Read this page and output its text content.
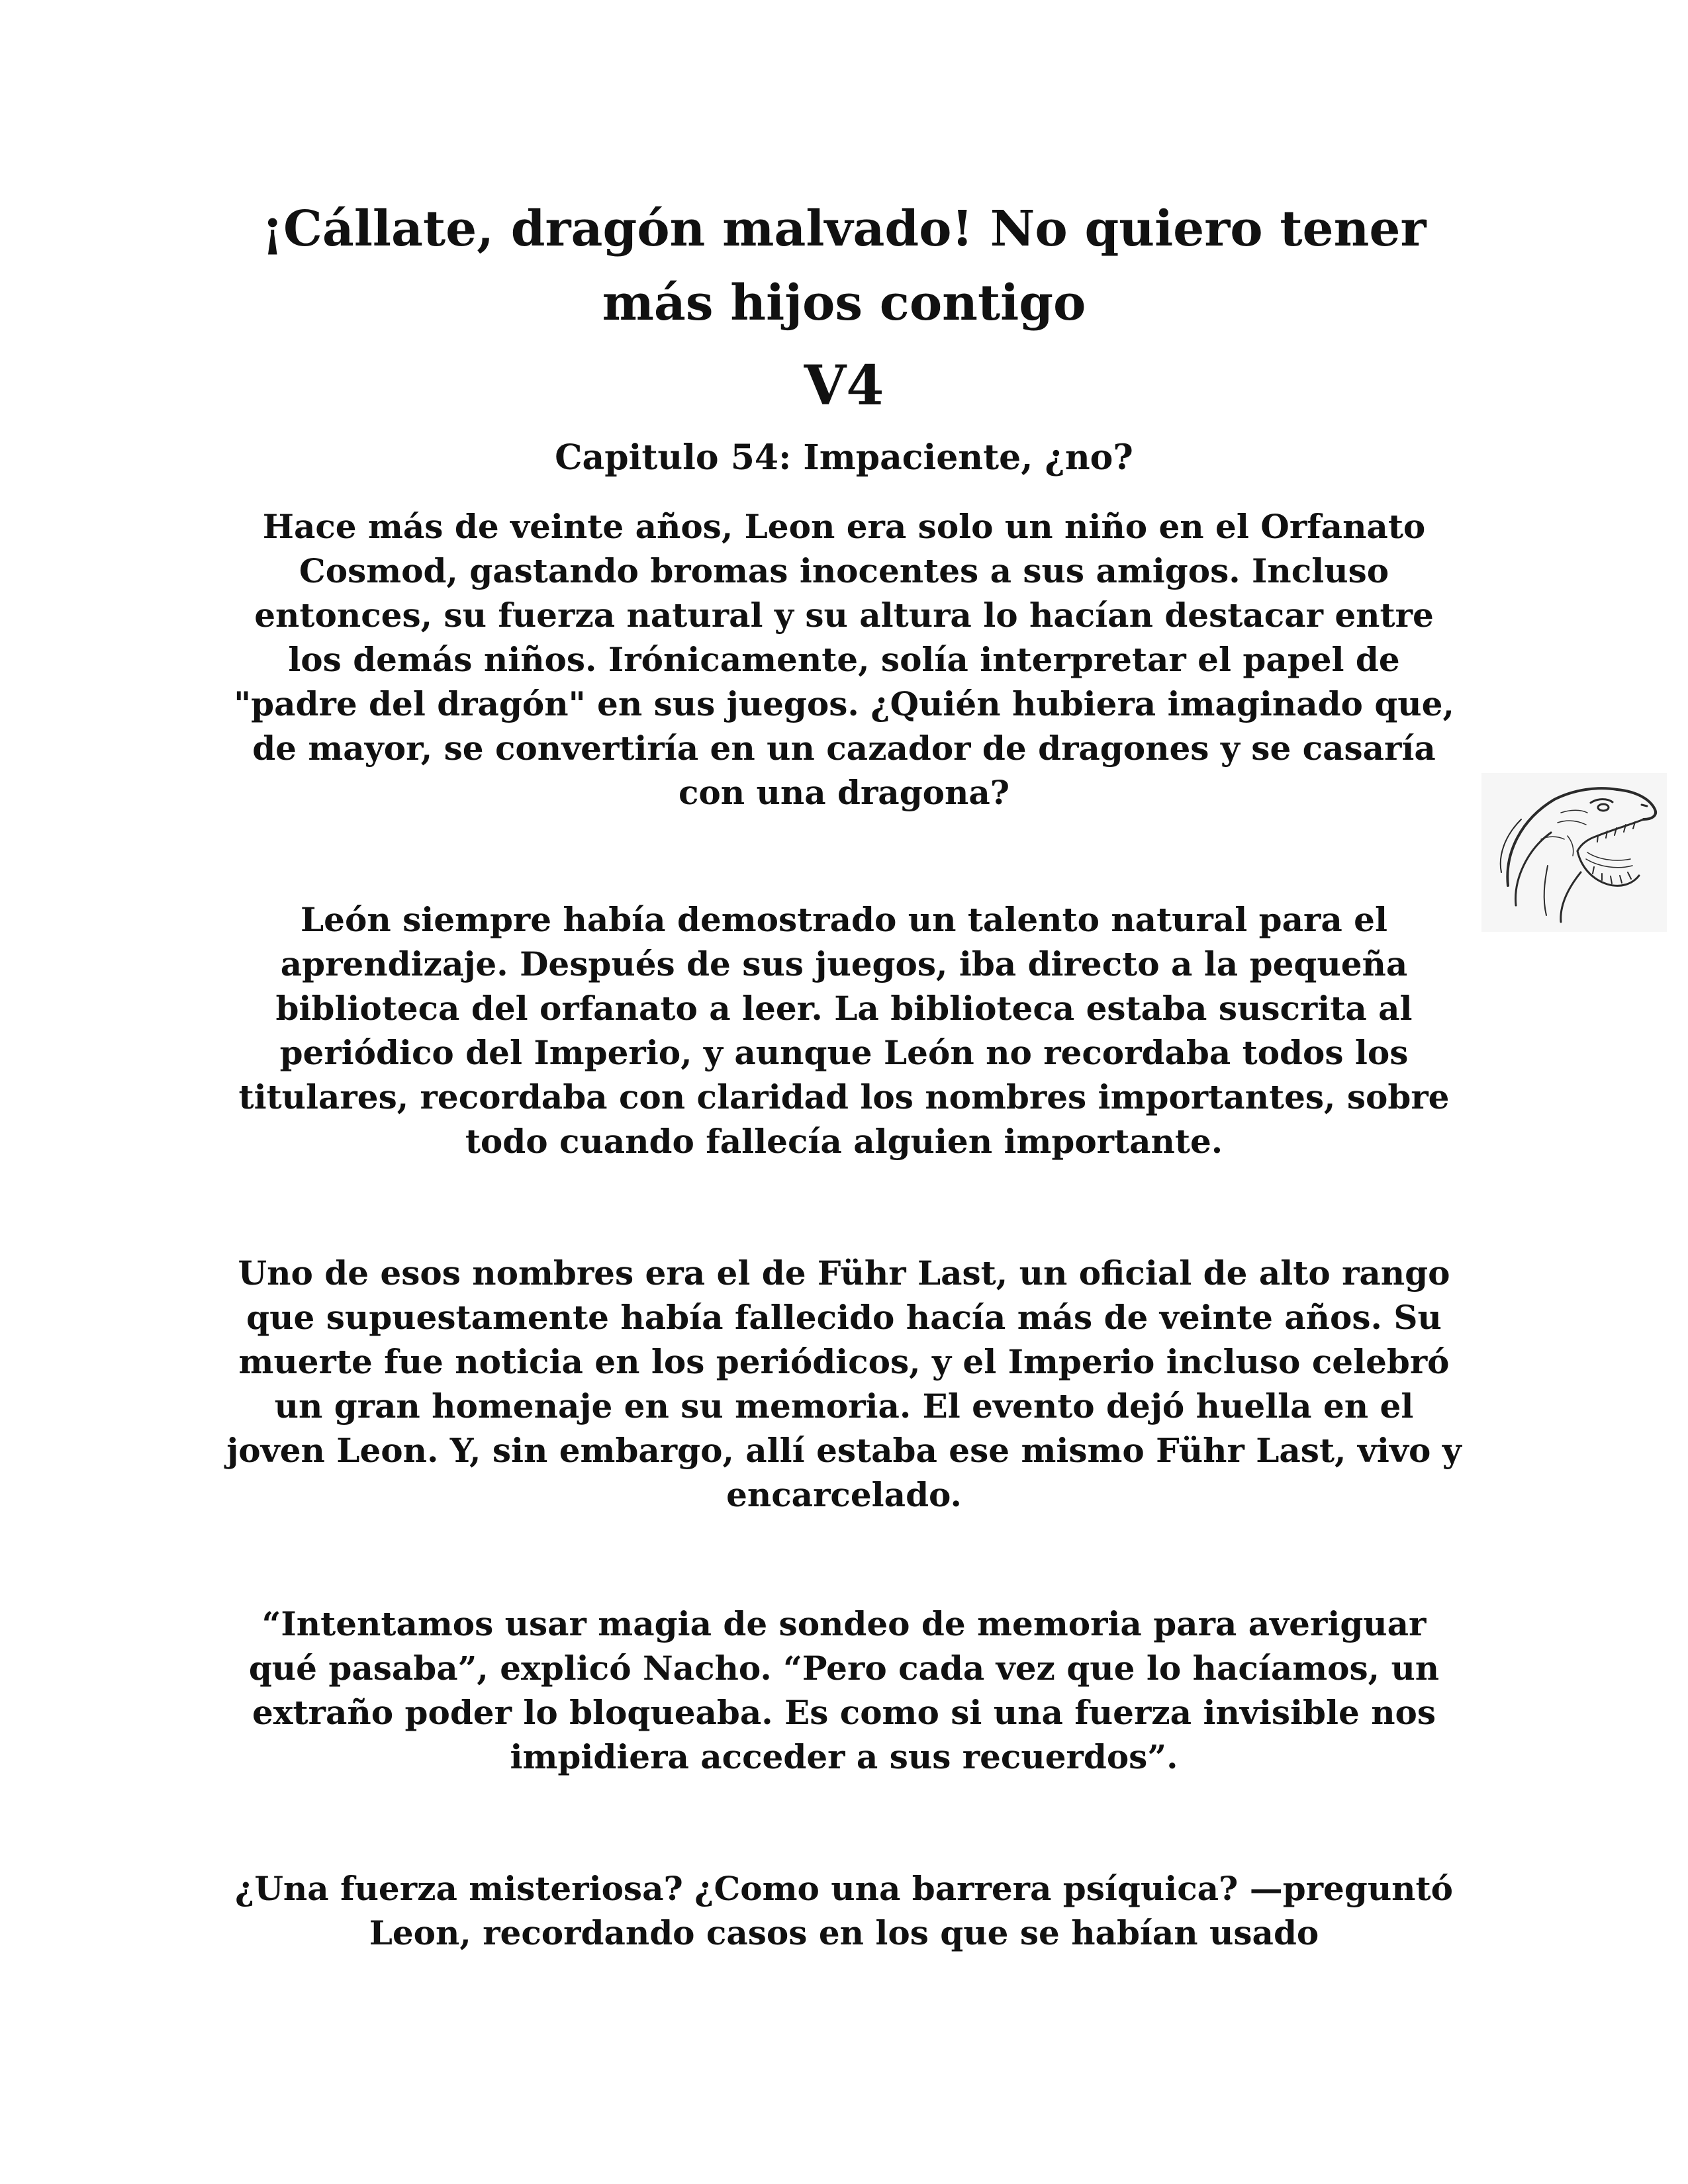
¡Cállate, dragón malvado! No quiero tener
más hijos contigo
V4
Capitulo 54: Impaciente, ¿no?

Hace más de veinte años, Leon era solo un niño en el Orfanato Cosmod, gastando bromas inocentes a sus amigos. Incluso entonces, su fuerza natural y su altura lo hacían destacar entre los demás niños. Irónicamente, solía interpretar el papel de "padre del dragón" en sus juegos. ¿Quién hubiera imaginado que, de mayor, se convertiría en un cazador de dragones y se casaría con una dragona?

León siempre había demostrado un talento natural para el aprendizaje. Después de sus juegos, iba directo a la pequeña biblioteca del orfanato a leer. La biblioteca estaba suscrita al periódico del Imperio, y aunque León no recordaba todos los titulares, recordaba con claridad los nombres importantes, sobre todo cuando fallecía alguien importante.

Uno de esos nombres era el de Führ Last, un oficial de alto rango que supuestamente había fallecido hacía más de veinte años. Su muerte fue noticia en los periódicos, y el Imperio incluso celebró un gran homenaje en su memoria. El evento dejó huella en el joven Leon. Y, sin embargo, allí estaba ese mismo Führ Last, vivo y encarcelado.

“Intentamos usar magia de sondeo de memoria para averiguar qué pasaba”, explicó Nacho. “Pero cada vez que lo hacíamos, un extraño poder lo bloqueaba. Es como si una fuerza invisible nos impidiera acceder a sus recuerdos”.

¿Una fuerza misteriosa? ¿Como una barrera psíquica? —preguntó Leon, recordando casos en los que se habían usado
